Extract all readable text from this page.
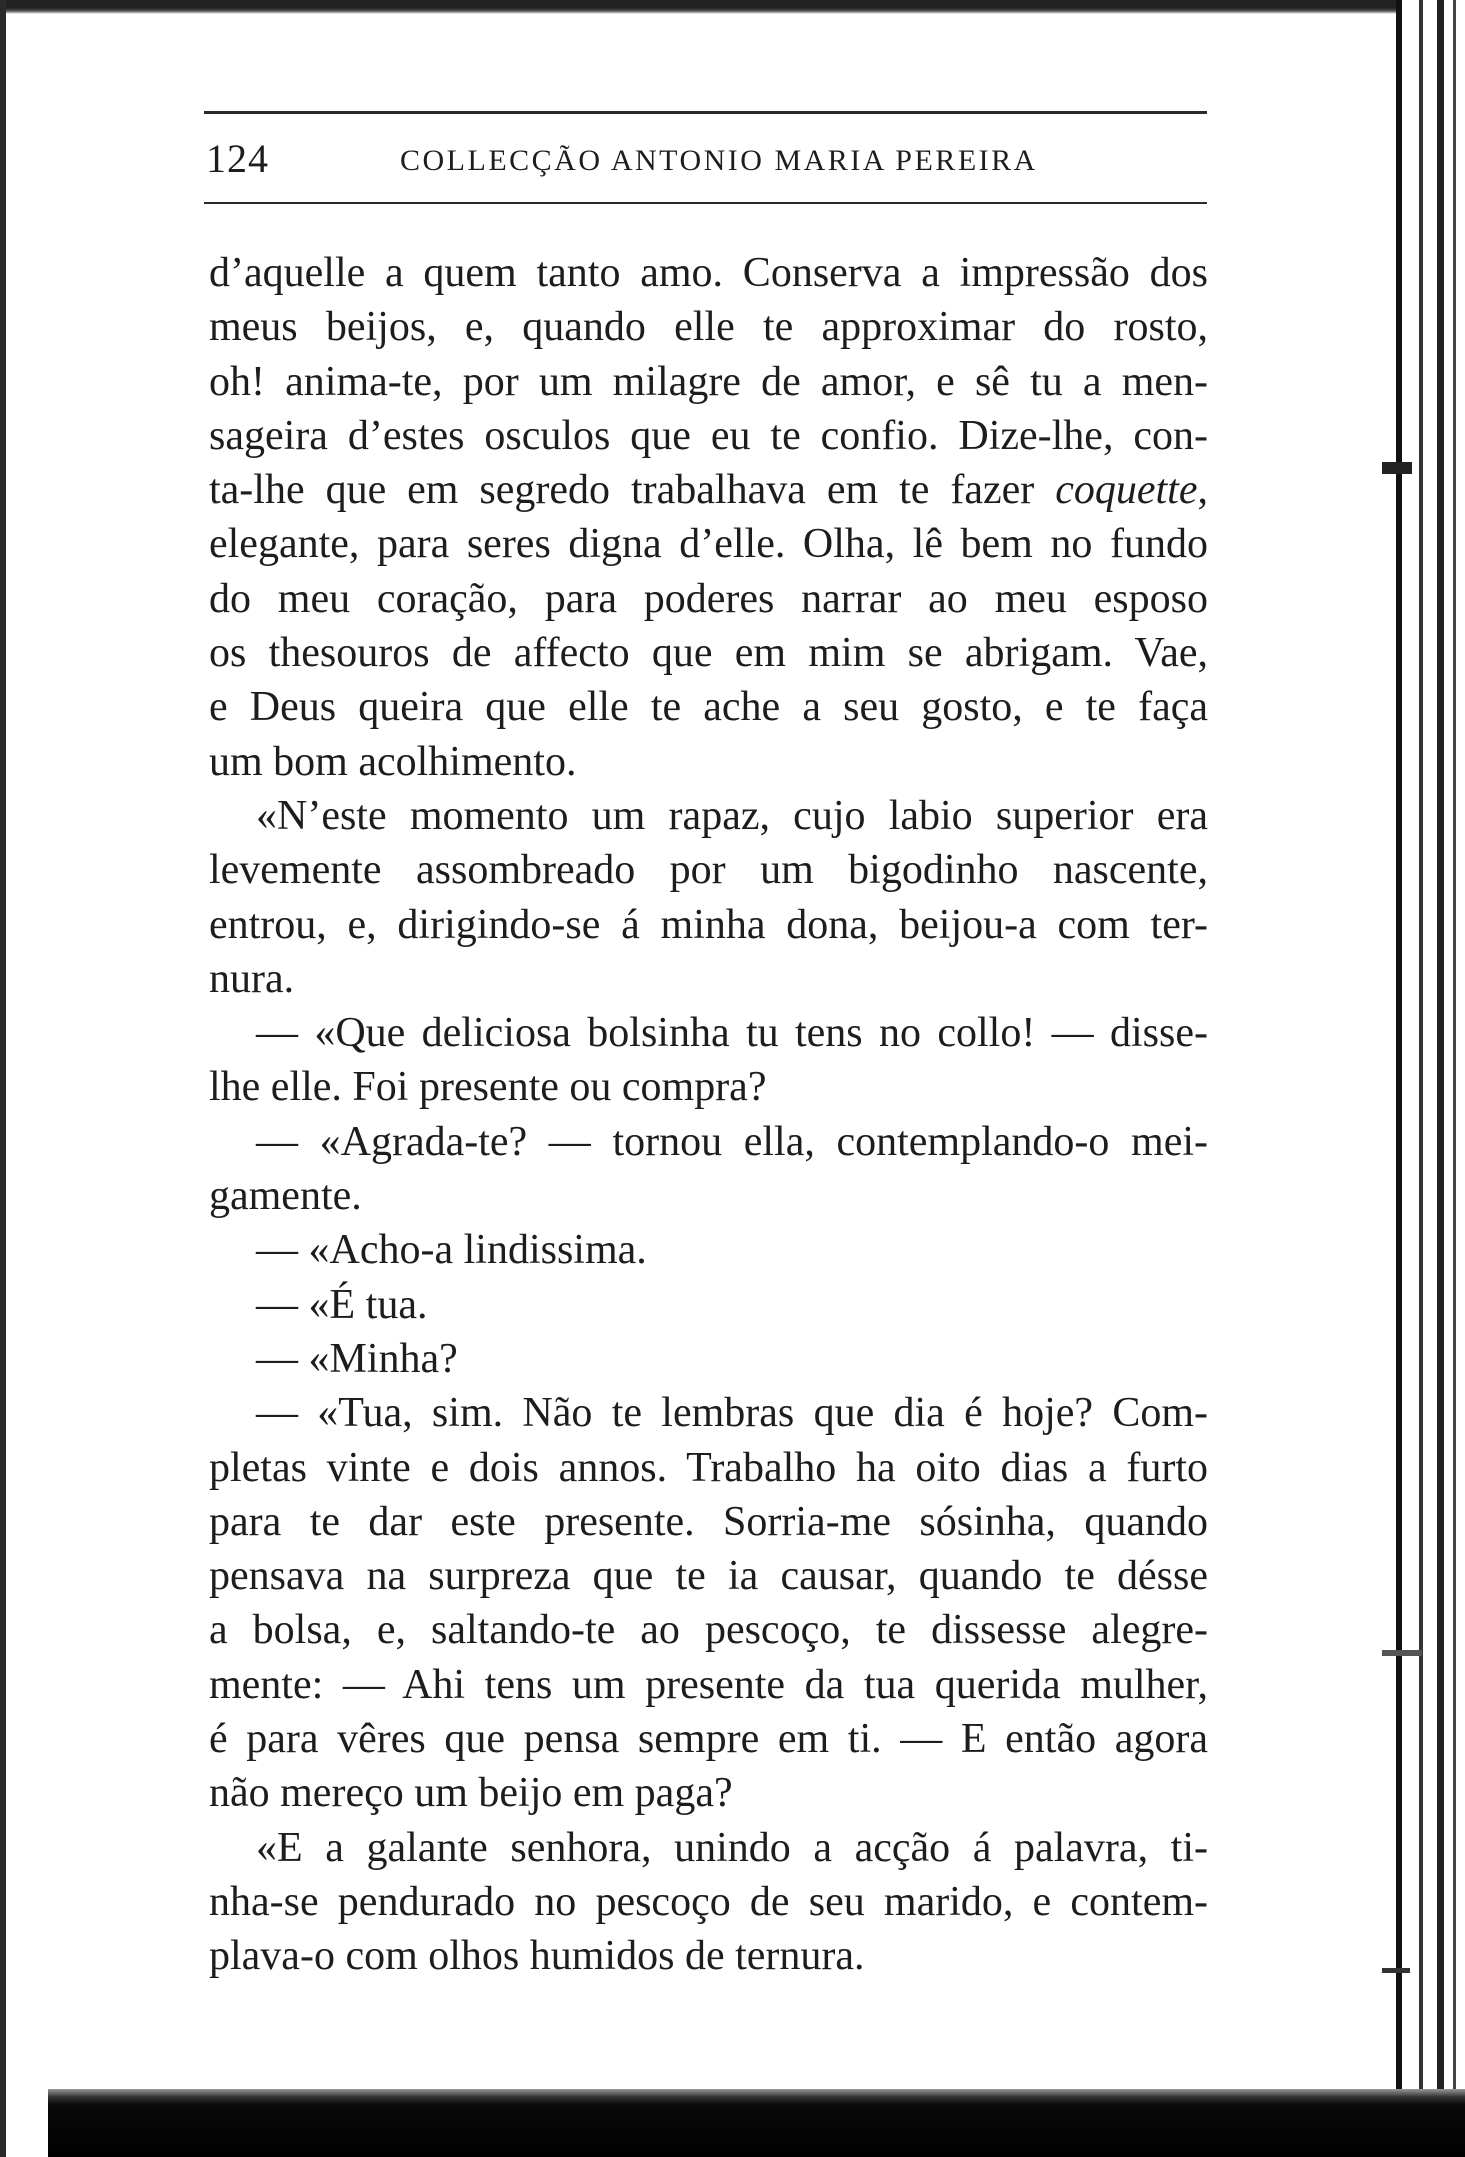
124	COLLECÇÃO ANTONIO MARIA PEREIRA
d’aquelle a quem tanto amo. Conserva a impressão dos
meus beijos, e, quando elle te approximar do rosto,
oh! anima-te, por um milagre de amor, e sê tu a men-
sageira d’estes osculos que eu te confio. Dize-lhe, con-
ta-lhe que em segredo trabalhava em te fazer coquette,
elegante, para seres digna d’elle. Olha, lê bem no fundo
do meu coração, para poderes narrar ao meu esposo
os thesouros de affecto que em mim se abrigam. Vae,
e Deus queira que elle te ache a seu gosto, e te faça
um bom acolhimento.
«N’este momento um rapaz, cujo labio superior era
levemente assombreado por um bigodinho nascente,
entrou, e, dirigindo-se á minha dona, beijou-a com ter-
nura.
— «Que deliciosa bolsinha tu tens no collo! — disse-
lhe elle. Foi presente ou compra?
— «Agrada-te? — tornou ella, contemplando-o mei-
gamente.
— «Acho-a lindissima.
— «É tua.
— «Minha?
— «Tua, sim. Não te lembras que dia é hoje? Com-
pletas vinte e dois annos. Trabalho ha oito dias a furto
para te dar este presente. Sorria-me sósinha, quando
pensava na surpreza que te ia causar, quando te désse
a bolsa, e, saltando-te ao pescoço, te dissesse alegre-
mente: — Ahi tens um presente da tua querida mulher,
é para vêres que pensa sempre em ti. — E então agora
não mereço um beijo em paga?
«E a galante senhora, unindo a acção á palavra, ti-
nha-se pendurado no pescoço de seu marido, e contem-
plava-o com olhos humidos de ternura.
